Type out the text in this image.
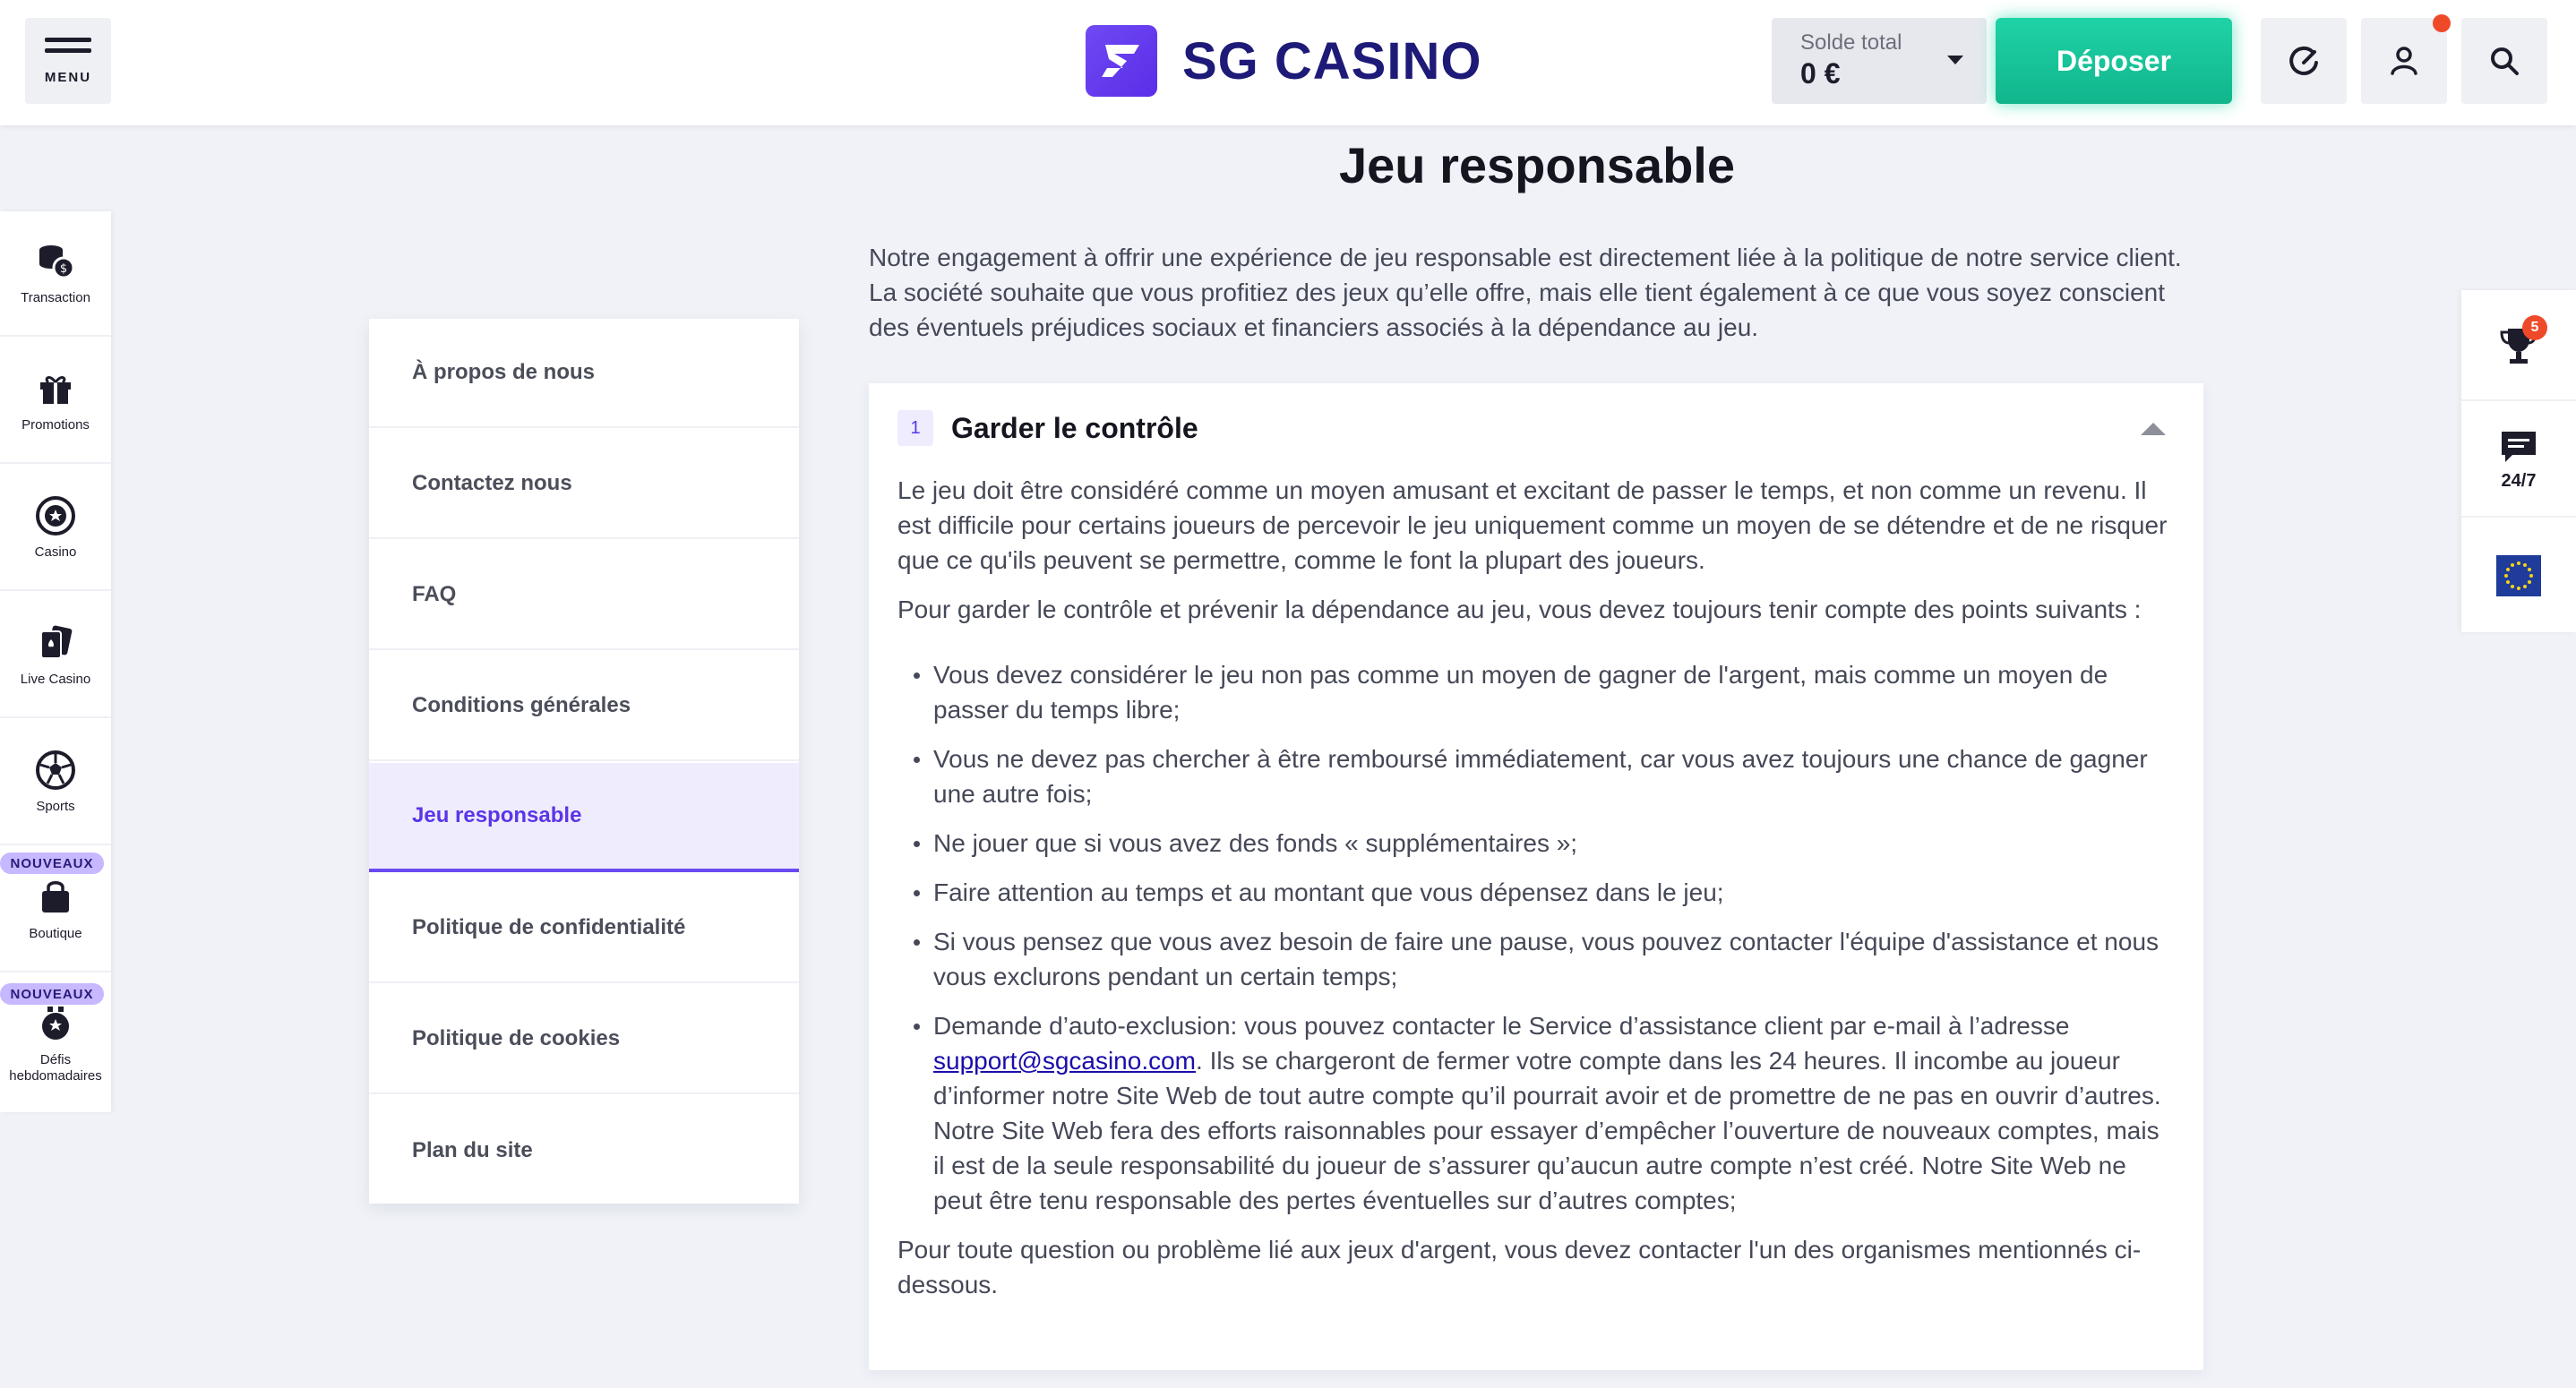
MENU	SG CASINO	Solde total
0 €	Déposer
$
Transaction
Promotions
Casino
Live Casino
Sports
Boutique
Défis hebdomadaires
NOUVEAUX
NOUVEAUX
5
24/7
Jeu responsable
À propos de nous
Contactez nous
FAQ
Conditions générales
Jeu responsable
Politique de confidentialité
Politique de cookies
Plan du site

Notre engagement à offrir une expérience de jeu responsable est directement liée à la politique de notre service client. La société souhaite que vous profitiez des jeux qu’elle offre, mais elle tient également à ce que vous soyez conscient des éventuels préjudices sociaux et financiers associés à la dépendance au jeu.

1	Garder le contrôle

Le jeu doit être considéré comme un moyen amusant et excitant de passer le temps, et non comme un revenu. Il est difficile pour certains joueurs de percevoir le jeu uniquement comme un moyen de se détendre et de ne risquer que ce qu'ils peuvent se permettre, comme le font la plupart des joueurs.

Pour garder le contrôle et prévenir la dépendance au jeu, vous devez toujours tenir compte des points suivants :

Vous devez considérer le jeu non pas comme un moyen de gagner de l'argent, mais comme un moyen de passer du temps libre;
Vous ne devez pas chercher à être remboursé immédiatement, car vous avez toujours une chance de gagner une autre fois;
Ne jouer que si vous avez des fonds « supplémentaires »;
Faire attention au temps et au montant que vous dépensez dans le jeu;
Si vous pensez que vous avez besoin de faire une pause, vous pouvez contacter l'équipe d'assistance et nous vous exclurons pendant un certain temps;
Demande d’auto-exclusion: vous pouvez contacter le Service d’assistance client par e-mail à l’adresse support@sgcasino.com. Ils se chargeront de fermer votre compte dans les 24 heures. Il incombe au joueur d’informer notre Site Web de tout autre compte qu’il pourrait avoir et de promettre de ne pas en ouvrir d’autres. Notre Site Web fera des efforts raisonnables pour essayer d’empêcher l’ouverture de nouveaux comptes, mais il est de la seule responsabilité du joueur de s’assurer qu’aucun autre compte n’est créé. Notre Site Web ne peut être tenu responsable des pertes éventuelles sur d’autres comptes;

Pour toute question ou problème lié aux jeux d'argent, vous devez contacter l'un des organismes mentionnés ci-dessous.
